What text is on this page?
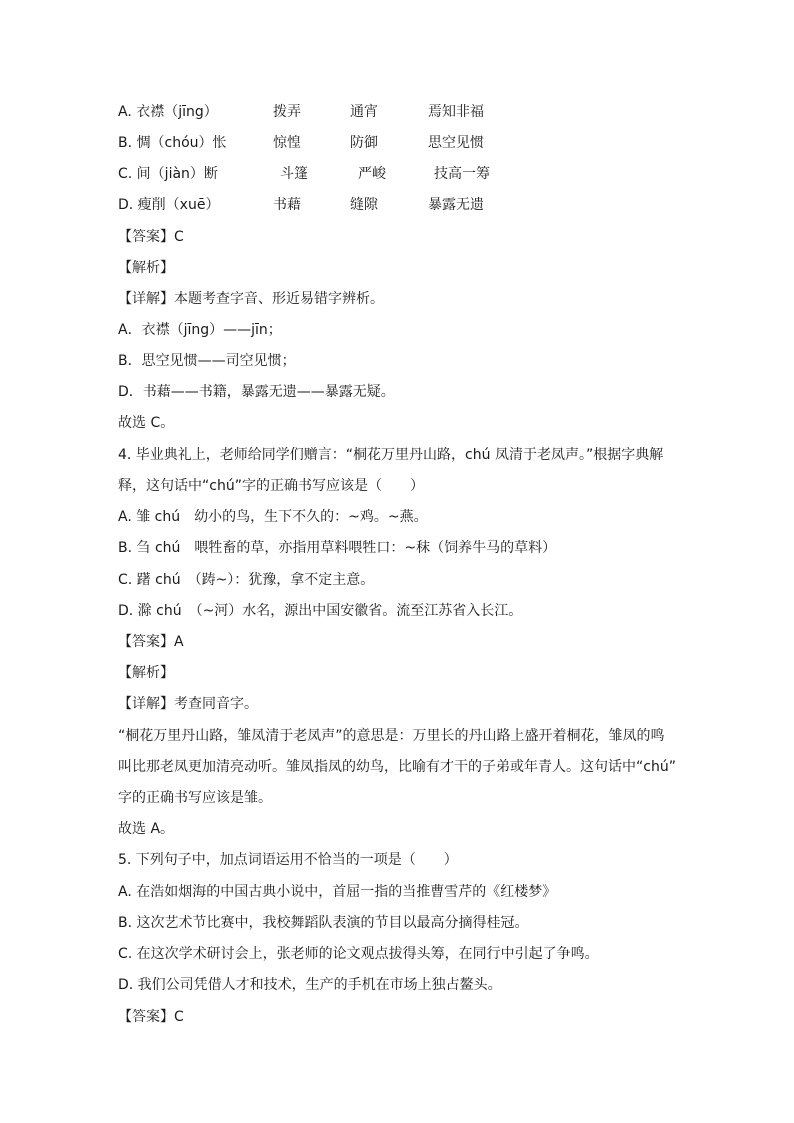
A. 衣襟（jīng）	拨弄	通宵	焉知非福
B. 惆（chóu）怅	惊惶	防御	思空见惯
C. 间（jiàn）断	斗篷	严峻	技高一筹
D. 瘦削（xuē）	书藉	缝隙	暴露无遗
【答案】C
【解析】
【详解】本题考查字音、形近易错字辨析。
A．衣襟（jīng）——jīn；
B．思空见惯——司空见惯；
D．书藉——书籍，暴露无遗——暴露无疑。
故选 C。
4. 毕业典礼上，老师给同学们赠言：“桐花万里丹山路，chú 凤清于老凤声。”根据字典解
释，这句话中“chú”字的正确书写应该是（　　）
A. 雏 chú　幼小的鸟，生下不久的：~鸡。~燕。
B. 刍 chú　喂牲畜的草，亦指用草料喂牲口：~秣（饲养牛马的草料）
C. 躇 chú　（踌~）：犹豫，拿不定主意。
D. 滁 chú　（~河）水名，源出中国安徽省。流至江苏省入长江。
【答案】A
【解析】
【详解】考查同音字。
“桐花万里丹山路，雏凤清于老凤声”的意思是：万里长的丹山路上盛开着桐花，雏凤的鸣
叫比那老凤更加清亮动听。雏凤指凤的幼鸟，比喻有才干的子弟或年青人。这句话中“chú”
字的正确书写应该是雏。
故选 A。
5. 下列句子中，加点词语运用不恰当的一项是（　　）
A. 在浩如烟海的中国古典小说中，首屈一指的当推曹雪芹的《红楼梦》
B. 这次艺术节比赛中，我校舞蹈队表演的节目以最高分摘得桂冠。
C. 在这次学术研讨会上，张老师的论文观点拔得头筹，在同行中引起了争鸣。
D. 我们公司凭借人才和技术，生产的手机在市场上独占鳌头。
【答案】C
